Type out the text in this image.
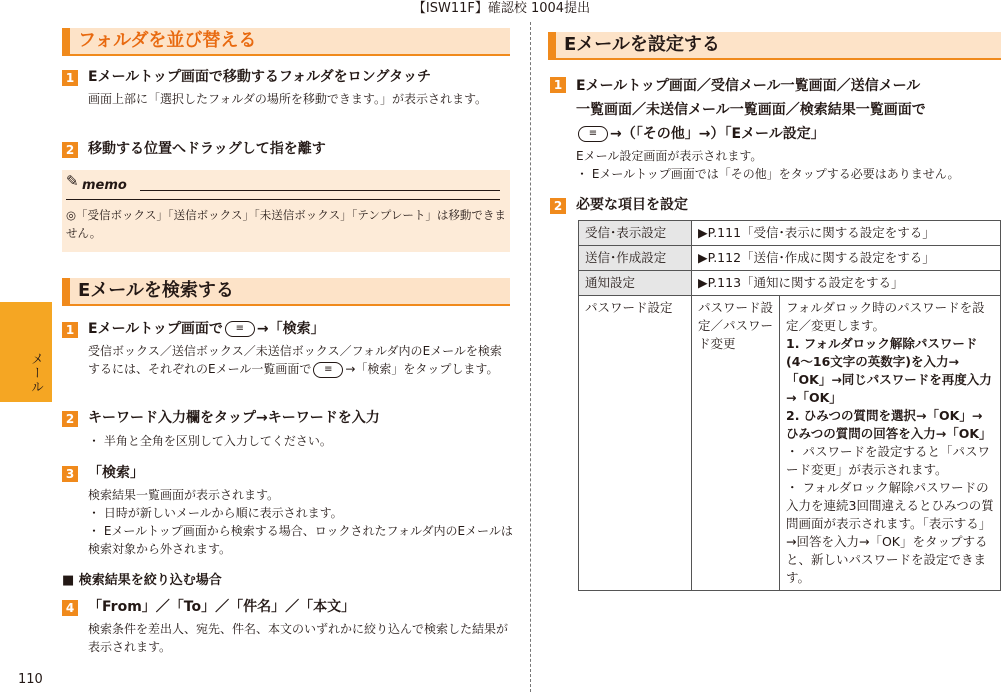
【ISW11F】確認校 1004提出
メール
110
フォルダを並び替える
1 Eメールトップ画面で移動するフォルダをロングタッチ
画面上部に「選択したフォルダの場所を移動できます。」が表示されます。
2 移動する位置へドラッグして指を離す
✎ memo
◎「受信ボックス」「送信ボックス」「未送信ボックス」「テンプレート」は移動できません。
Eメールを検索する
1 Eメールトップ画面で ≡ →「検索」
受信ボックス／送信ボックス／未送信ボックス／フォルダ内のEメールを検索するには、それぞれのEメール一覧画面で ≡ →「検索」をタップします。
2 キーワード入力欄をタップ→キーワードを入力
・ 半角と全角を区別して入力してください。
3 「検索」
検索結果一覧画面が表示されます。
・ 日時が新しいメールから順に表示されます。
・ Eメールトップ画面から検索する場合、ロックされたフォルダ内のEメールは検索対象から外されます。
■ 検索結果を絞り込む場合
4 「From」／「To」／「件名」／「本文」
検索条件を差出人、宛先、件名、本文のいずれかに絞り込んで検索した結果が表示されます。
Eメールを設定する
1 Eメールトップ画面／受信メール一覧画面／送信メール
一覧画面／未送信メール一覧画面／検索結果一覧画面で
≡ →（「その他」→）「Eメール設定」
Eメール設定画面が表示されます。
・ Eメールトップ画面では「その他」をタップする必要はありません。
2 必要な項目を設定
受信･表示設定	▶P.111「受信･表示に関する設定をする」	
送信･作成設定	▶P.112「送信･作成に関する設定をする」	
通知設定	▶P.113「通知に関する設定をする」	
パスワード設定	パスワード設定／パスワード変更	フォルダロック時のパスワードを設定／変更します。
1. フォルダロック解除パスワード(4〜16文字の英数字)を入力→「OK」→同じパスワードを再度入力→「OK」
2. ひみつの質問を選択→「OK」→ひみつの質問の回答を入力→「OK」
・ パスワードを設定すると「パスワード変更」が表示されます。
・ フォルダロック解除パスワードの入力を連続3回間違えるとひみつの質問画面が表示されます。「表示する」→回答を入力→「OK」をタップすると、新しいパスワードを設定できます。
